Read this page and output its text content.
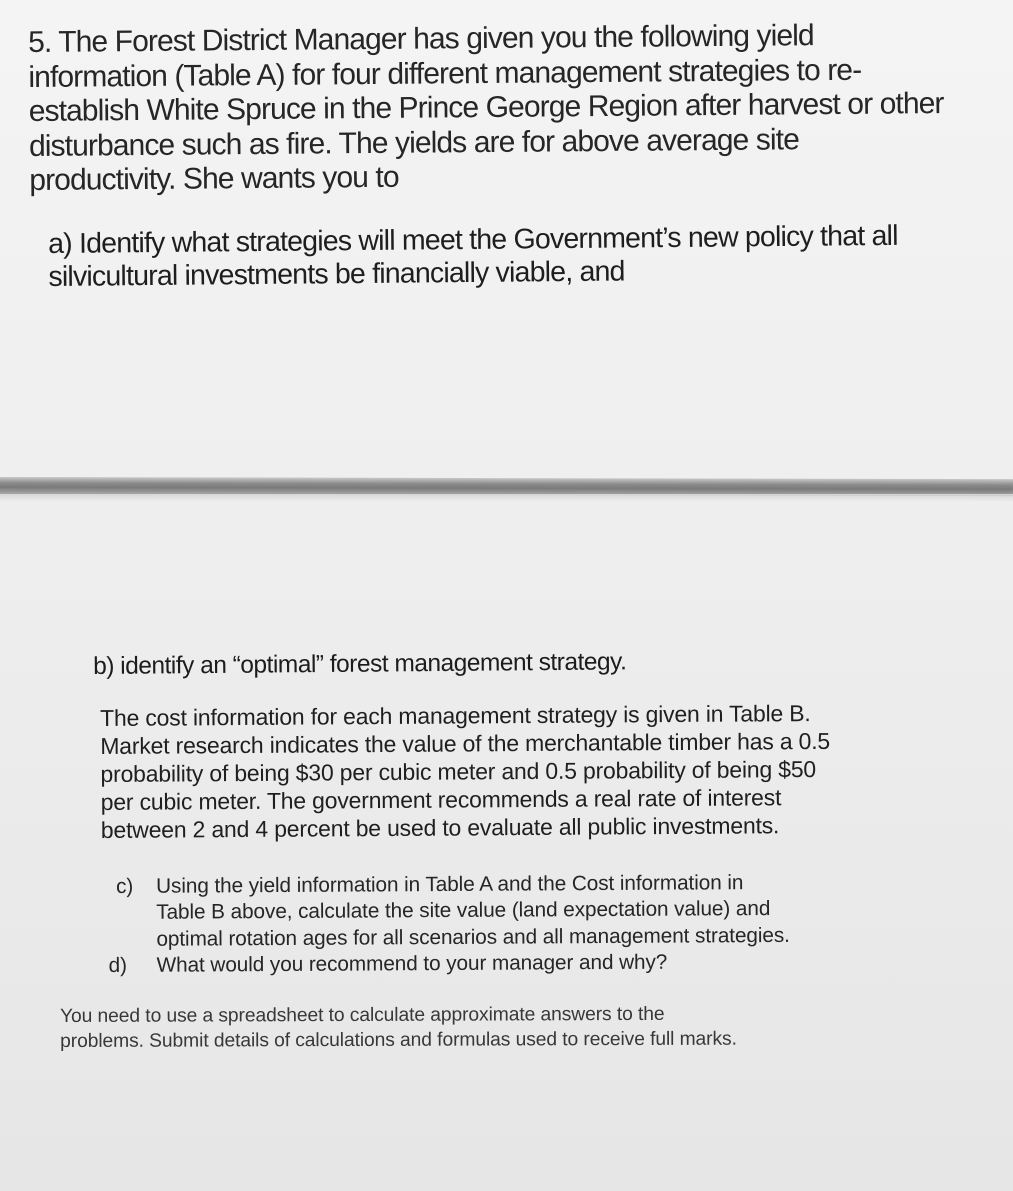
5. The Forest District Manager has given you the following yield
information (Table A) for four different management strategies to re-
establish White Spruce in the Prince George Region after harvest or other
disturbance such as fire. The yields are for above average site
productivity. She wants you to
a) Identify what strategies will meet the Government’s new policy that all
silvicultural investments be financially viable, and
b) identify an “optimal” forest management strategy.
The cost information for each management strategy is given in Table B.
Market research indicates the value of the merchantable timber has a 0.5
probability of being $30 per cubic meter and 0.5 probability of being $50
per cubic meter. The government recommends a real rate of interest
between 2 and 4 percent be used to evaluate all public investments.
c) Using the yield information in Table A and the Cost information in
Table B above, calculate the site value (land expectation value) and
optimal rotation ages for all scenarios and all management strategies.
d) What would you recommend to your manager and why?
You need to use a spreadsheet to calculate approximate answers to the
problems. Submit details of calculations and formulas used to receive full marks.
